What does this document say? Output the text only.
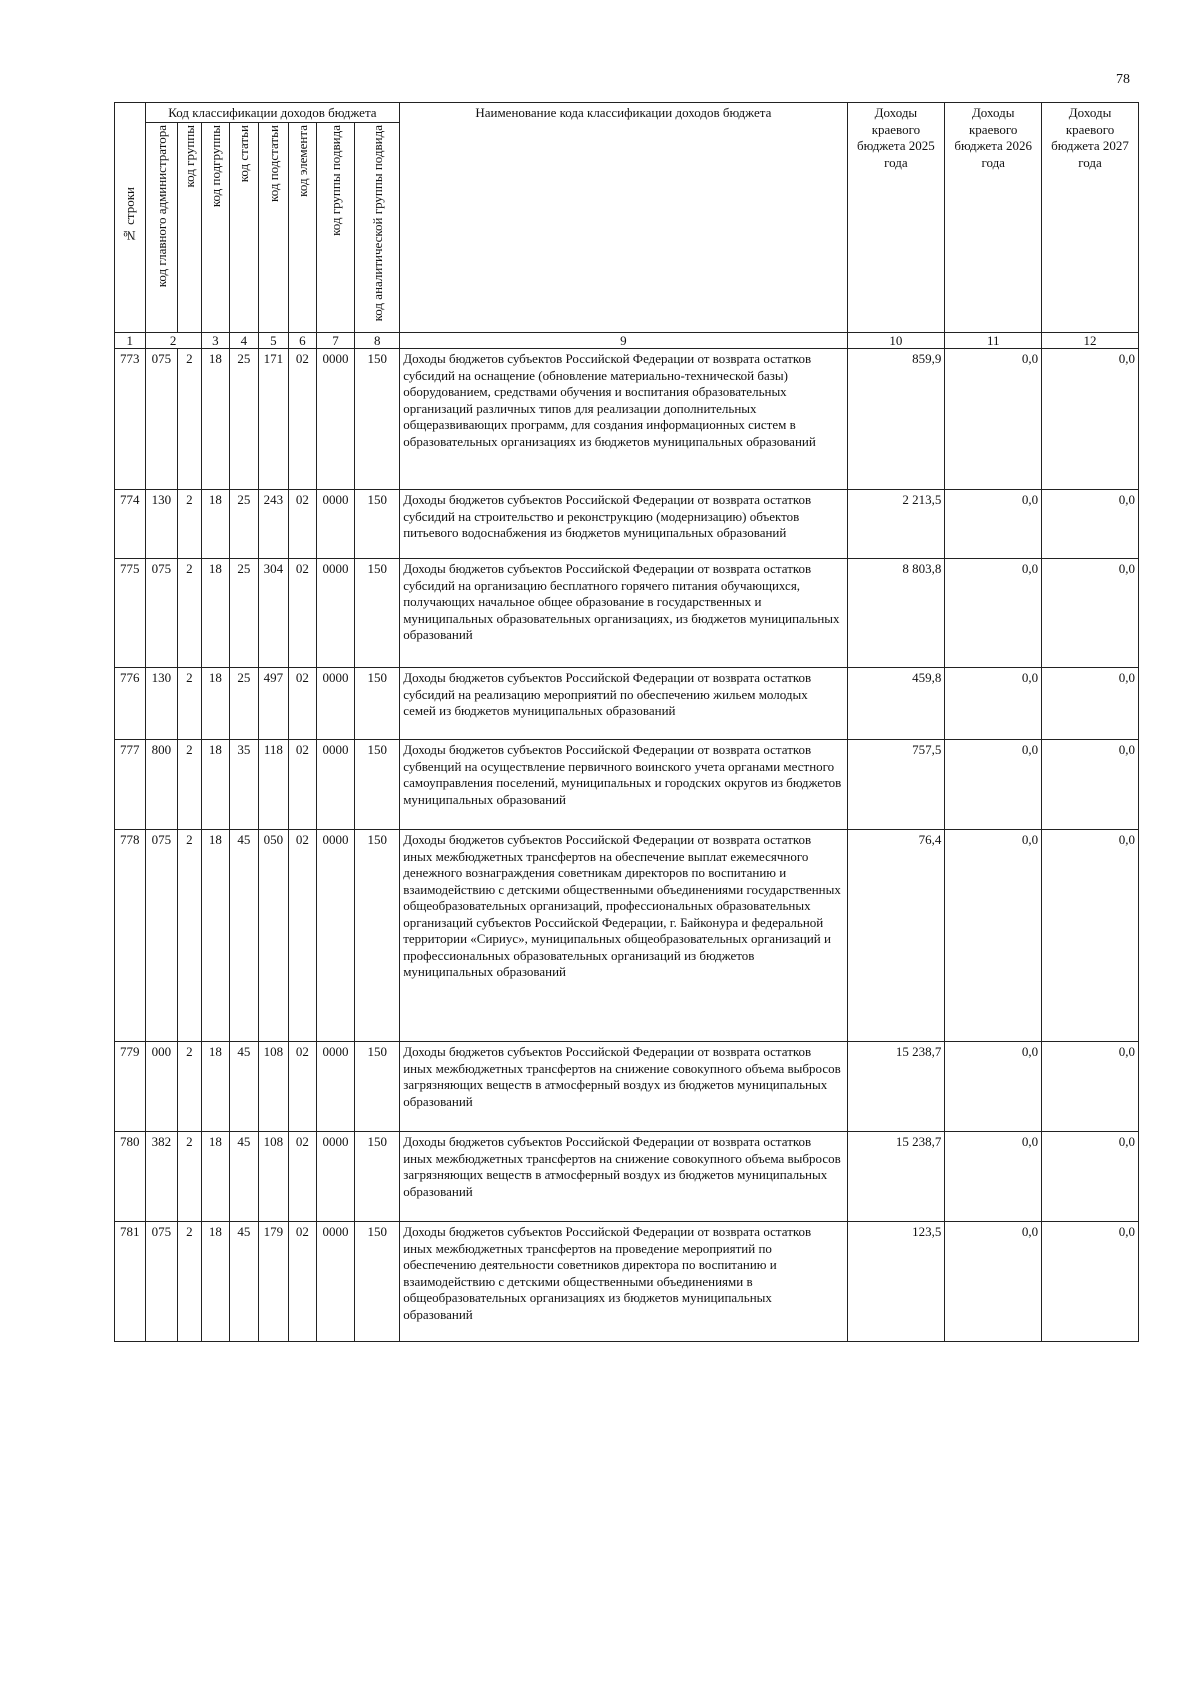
78
№ строки	Код классификации доходов бюджета								Наименование кода классификации доходов бюджета	Доходы краевого бюджета 2025 года	Доходы краевого бюджета 2026 года	Доходы краевого бюджета 2027 года
	код главного администратора	код группы	код подгруппы	код статьи	код подстатьи	код элемента	код группы подвида	код аналитической группы подвида				
1	2		3	4	5	6	7	8	9	10	11	12
773	075	2	18	25	171	02	0000	150	Доходы бюджетов субъектов Российской Федерации от возврата остатков субсидий на оснащение (обновление материально-технической базы) оборудованием, средствами обучения и воспитания образовательных организаций различных типов для реализации дополнительных общеразвивающих программ, для создания информационных систем в образовательных организациях из бюджетов муниципальных образований	859,9	0,0	0,0
774	130	2	18	25	243	02	0000	150	Доходы бюджетов субъектов Российской Федерации от возврата остатков субсидий на строительство и реконструкцию (модернизацию) объектов питьевого водоснабжения из бюджетов муниципальных образований	2 213,5	0,0	0,0
775	075	2	18	25	304	02	0000	150	Доходы бюджетов субъектов Российской Федерации от возврата остатков субсидий на организацию бесплатного горячего питания обучающихся, получающих начальное общее образование в государственных и муниципальных образовательных организациях, из бюджетов муниципальных образований	8 803,8	0,0	0,0
776	130	2	18	25	497	02	0000	150	Доходы бюджетов субъектов Российской Федерации от возврата остатков субсидий на реализацию мероприятий по обеспечению жильем молодых семей из бюджетов муниципальных образований	459,8	0,0	0,0
777	800	2	18	35	118	02	0000	150	Доходы бюджетов субъектов Российской Федерации от возврата остатков субвенций на осуществление первичного воинского учета органами местного самоуправления поселений, муниципальных и городских округов из бюджетов муниципальных образований	757,5	0,0	0,0
778	075	2	18	45	050	02	0000	150	Доходы бюджетов субъектов Российской Федерации от возврата остатков иных межбюджетных трансфертов на обеспечение выплат ежемесячного денежного вознаграждения советникам директоров по воспитанию и взаимодействию с детскими общественными объединениями государственных общеобразовательных организаций, профессиональных образовательных организаций субъектов Российской Федерации, г. Байконура и федеральной территории «Сириус», муниципальных общеобразовательных организаций и профессиональных образовательных организаций из бюджетов муниципальных образований	76,4	0,0	0,0
779	000	2	18	45	108	02	0000	150	Доходы бюджетов субъектов Российской Федерации от возврата остатков иных межбюджетных трансфертов на снижение совокупного объема выбросов загрязняющих веществ в атмосферный воздух из бюджетов муниципальных образований	15 238,7	0,0	0,0
780	382	2	18	45	108	02	0000	150	Доходы бюджетов субъектов Российской Федерации от возврата остатков иных межбюджетных трансфертов на снижение совокупного объема выбросов загрязняющих веществ в атмосферный воздух из бюджетов муниципальных образований	15 238,7	0,0	0,0
781	075	2	18	45	179	02	0000	150	Доходы бюджетов субъектов Российской Федерации от возврата остатков иных межбюджетных трансфертов на проведение мероприятий по обеспечению деятельности советников директора по воспитанию и взаимодействию с детскими общественными объединениями в общеобразовательных организациях из бюджетов муниципальных образований	123,5	0,0	0,0
